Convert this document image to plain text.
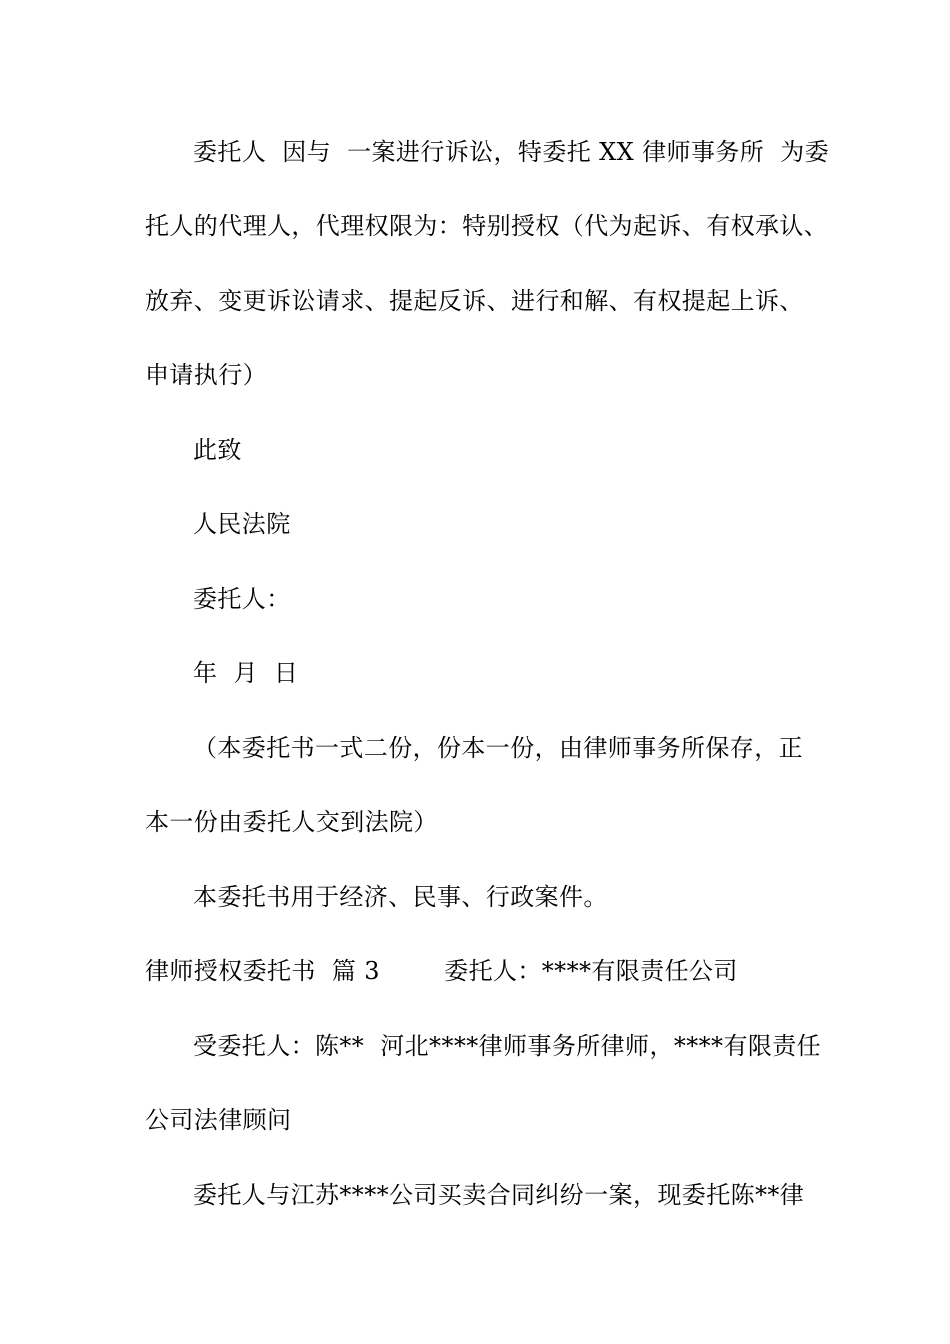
委托人  因与  一案进行诉讼，特委托 XX 律师事务所  为委
托人的代理人，代理权限为：特别授权（代为起诉、有权承认、
放弃、变更诉讼请求、提起反诉、进行和解、有权提起上诉、
申请执行）
此致
人民法院
委托人：
年  月  日
（本委托书一式二份，份本一份，由律师事务所保存，正
本一份由委托人交到法院）
本委托书用于经济、民事、行政案件。
律师授权委托书  篇 3        委托人：****有限责任公司
受委托人：陈**  河北****律师事务所律师，****有限责任
公司法律顾问
委托人与江苏****公司买卖合同纠纷一案，现委托陈**律
